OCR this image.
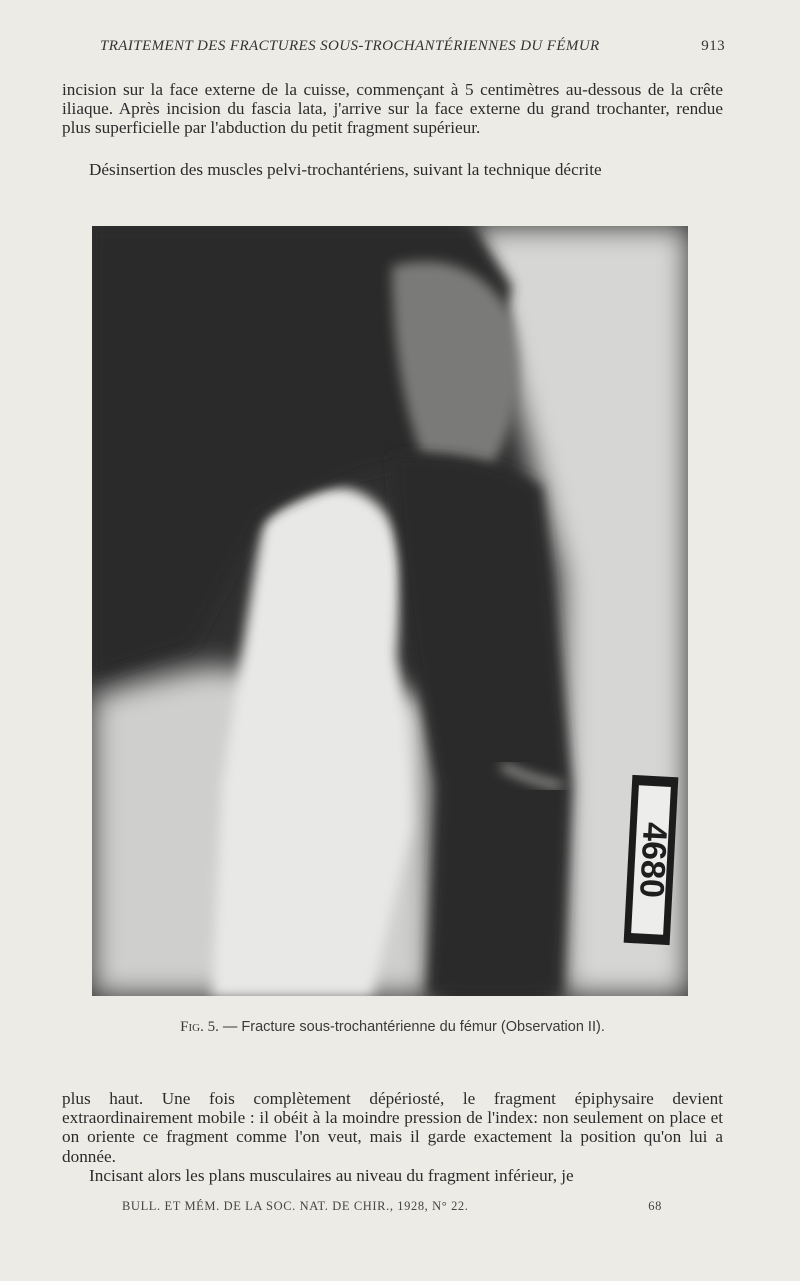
TRAITEMENT DES FRACTURES SOUS-TROCHANTÉRIENNES DU FÉMUR	913

incision sur la face externe de la cuisse, commençant à 5 centimètres au-dessous de la crête iliaque. Après incision du fascia lata, j'arrive sur la face externe du grand trochanter, rendue plus superficielle par l'abduction du petit fragment supérieur.

Désinsertion des muscles pelvi-trochantériens, suivant la technique décrite

4680
Fig. 5. — Fracture sous-trochantérienne du fémur (Observation II).

plus haut. Une fois complètement dépériosté, le fragment épiphysaire devient extraordinairement mobile : il obéit à la moindre pression de l'index: non seulement on place et on oriente ce fragment comme l'on veut, mais il garde exactement la position qu'on lui a donnée.

Incisant alors les plans musculaires au niveau du fragment inférieur, je

BULL. ET MÉM. DE LA SOC. NAT. DE CHIR., 1928, N° 22.	68
